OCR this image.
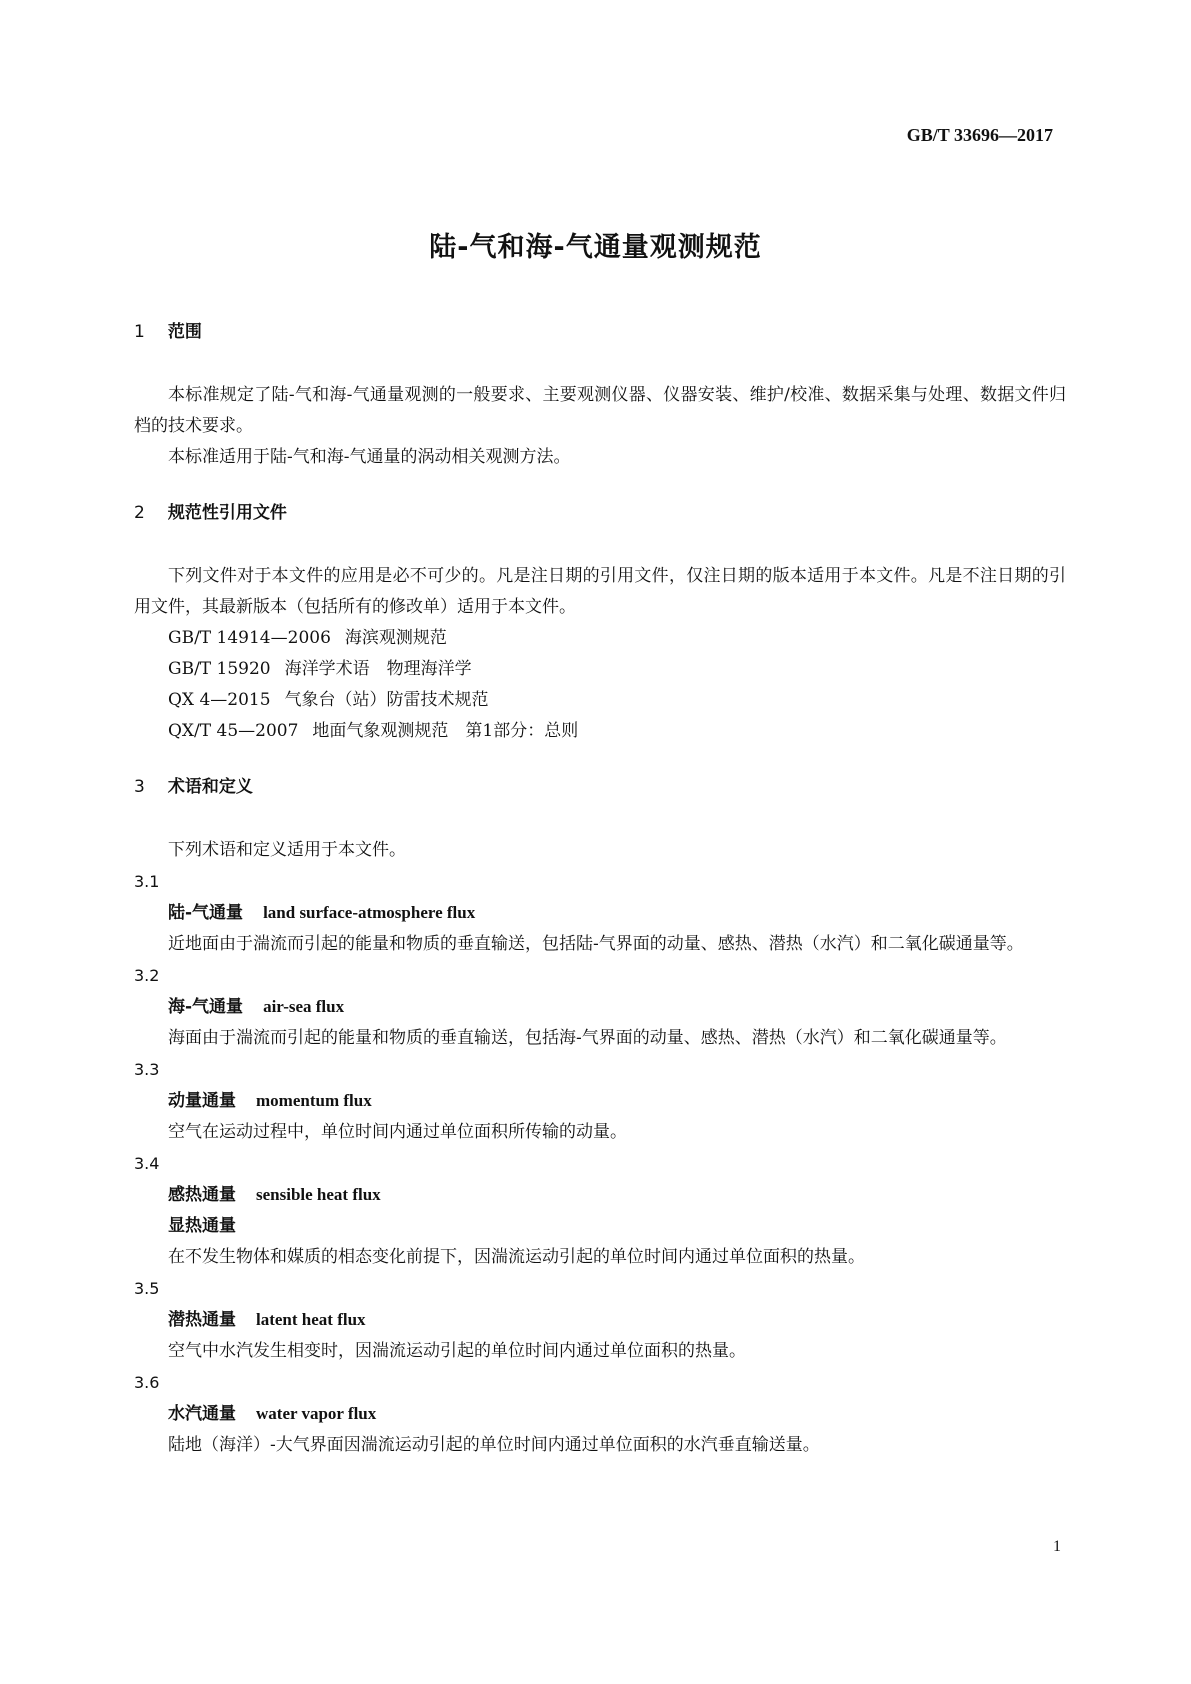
GB/T 33696—2017
陆-气和海-气通量观测规范
1 范围

本标准规定了陆-气和海-气通量观测的一般要求、主要观测仪器、仪器安装、维护/校准、数据采集与处理、数据文件归档的技术要求。

本标准适用于陆-气和海-气通量的涡动相关观测方法。

2 规范性引用文件

下列文件对于本文件的应用是必不可少的。凡是注日期的引用文件，仅注日期的版本适用于本文件。凡是不注日期的引用文件，其最新版本（包括所有的修改单）适用于本文件。

GB/T 14914—2006 海滨观测规范

GB/T 15920 海洋学术语　物理海洋学

QX 4—2015 气象台（站）防雷技术规范

QX/T 45—2007 地面气象观测规范　第1部分：总则

3 术语和定义

下列术语和定义适用于本文件。

3.1

陆-气通量 land surface-atmosphere flux

近地面由于湍流而引起的能量和物质的垂直输送，包括陆-气界面的动量、感热、潜热（水汽）和二氧化碳通量等。

3.2

海-气通量 air-sea flux

海面由于湍流而引起的能量和物质的垂直输送，包括海-气界面的动量、感热、潜热（水汽）和二氧化碳通量等。

3.3

动量通量 momentum flux

空气在运动过程中，单位时间内通过单位面积所传输的动量。

3.4

感热通量 sensible heat flux

显热通量

在不发生物体和媒质的相态变化前提下，因湍流运动引起的单位时间内通过单位面积的热量。

3.5

潜热通量 latent heat flux

空气中水汽发生相变时，因湍流运动引起的单位时间内通过单位面积的热量。

3.6

水汽通量 water vapor flux

陆地（海洋）-大气界面因湍流运动引起的单位时间内通过单位面积的水汽垂直输送量。

1
